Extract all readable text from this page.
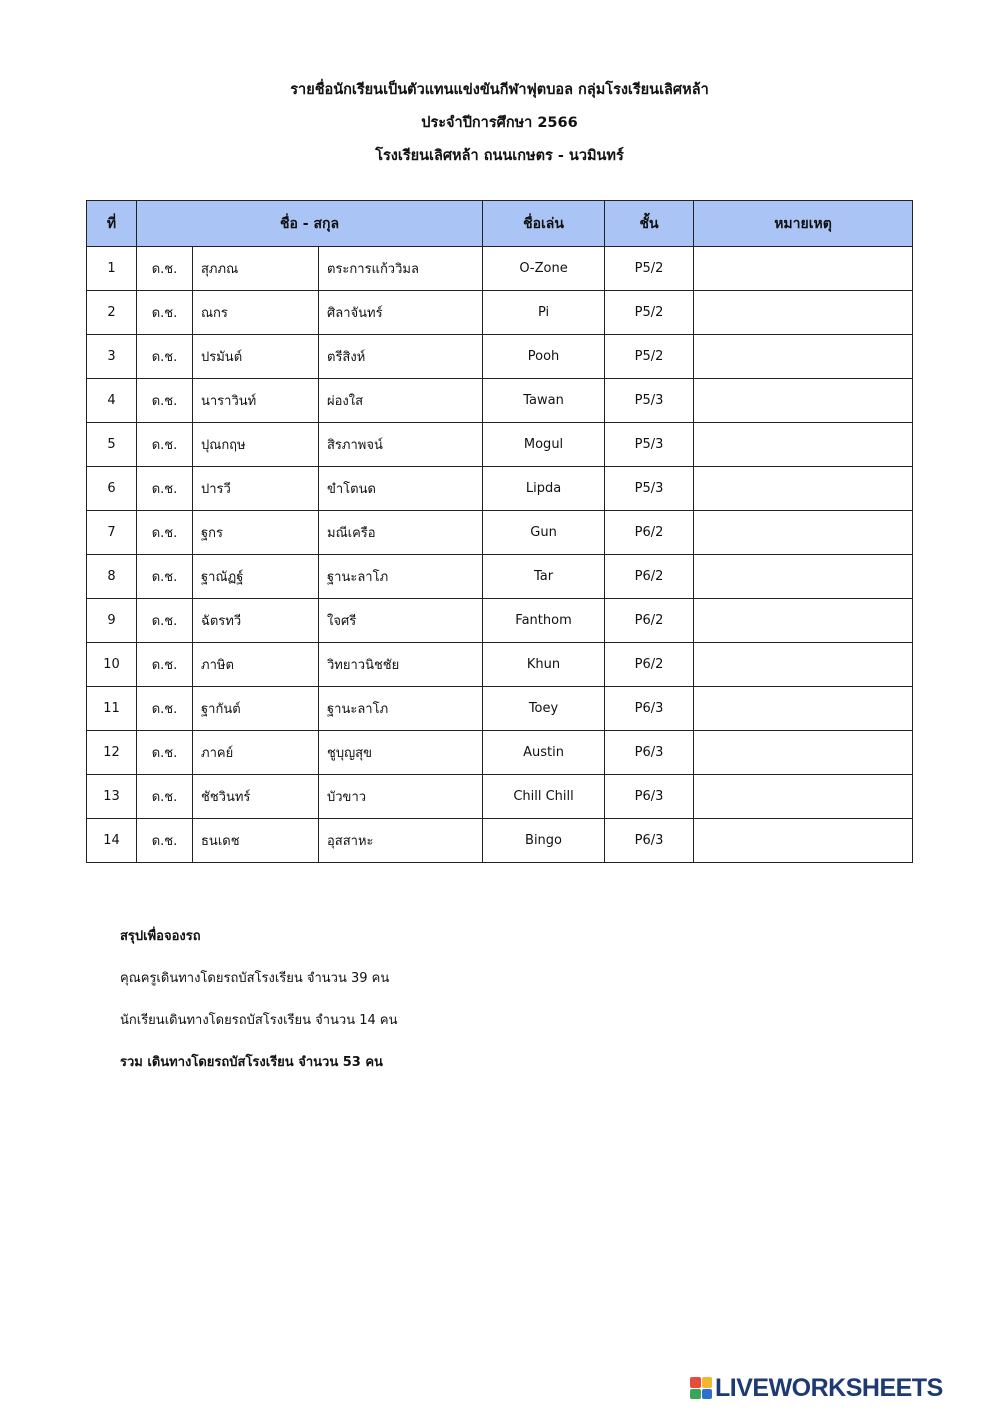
รายชื่อนักเรียนเป็นตัวแทนแข่งขันกีฬาฟุตบอล กลุ่มโรงเรียนเลิศหล้า
ประจำปีการศึกษา 2566
โรงเรียนเลิศหล้า ถนนเกษตร - นวมินทร์
ที่	ชื่อ - สกุล			ชื่อเล่น	ชั้น	หมายเหตุ
1	ด.ช.	สุภภณ	ตระการแก้ววิมล	O-Zone	P5/2	
2	ด.ช.	ณกร	ศิลาจันทร์	Pi	P5/2	
3	ด.ช.	ปรมันต์	ตรีสิงห์	Pooh	P5/2	
4	ด.ช.	นาราวินท์	ผ่องใส	Tawan	P5/3	
5	ด.ช.	ปุณกฤษ	สิรภาพจน์	Mogul	P5/3	
6	ด.ช.	ปารวี	ขำโตนด	Lipda	P5/3	
7	ด.ช.	ฐกร	มณีเครือ	Gun	P6/2	
8	ด.ช.	ฐาณัฏฐ์	ฐานะลาโภ	Tar	P6/2	
9	ด.ช.	ฉัตรทวี	ใจศรี	Fanthom	P6/2	
10	ด.ช.	ภาษิต	วิทยาวนิชชัย	Khun	P6/2	
11	ด.ช.	ฐากันต์	ฐานะลาโภ	Toey	P6/3	
12	ด.ช.	ภาคย์	ชูบุญสุข	Austin	P6/3	
13	ด.ช.	ชัชวินทร์	บัวขาว	Chill Chill	P6/3	
14	ด.ช.	ธนเดช	อุสสาหะ	Bingo	P6/3	
สรุปเพื่อจองรถ
คุณครูเดินทางโดยรถบัสโรงเรียน จำนวน 39 คน
นักเรียนเดินทางโดยรถบัสโรงเรียน จำนวน 14 คน
รวม เดินทางโดยรถบัสโรงเรียน จำนวน 53 คน
LIVEWORKSHEETS
